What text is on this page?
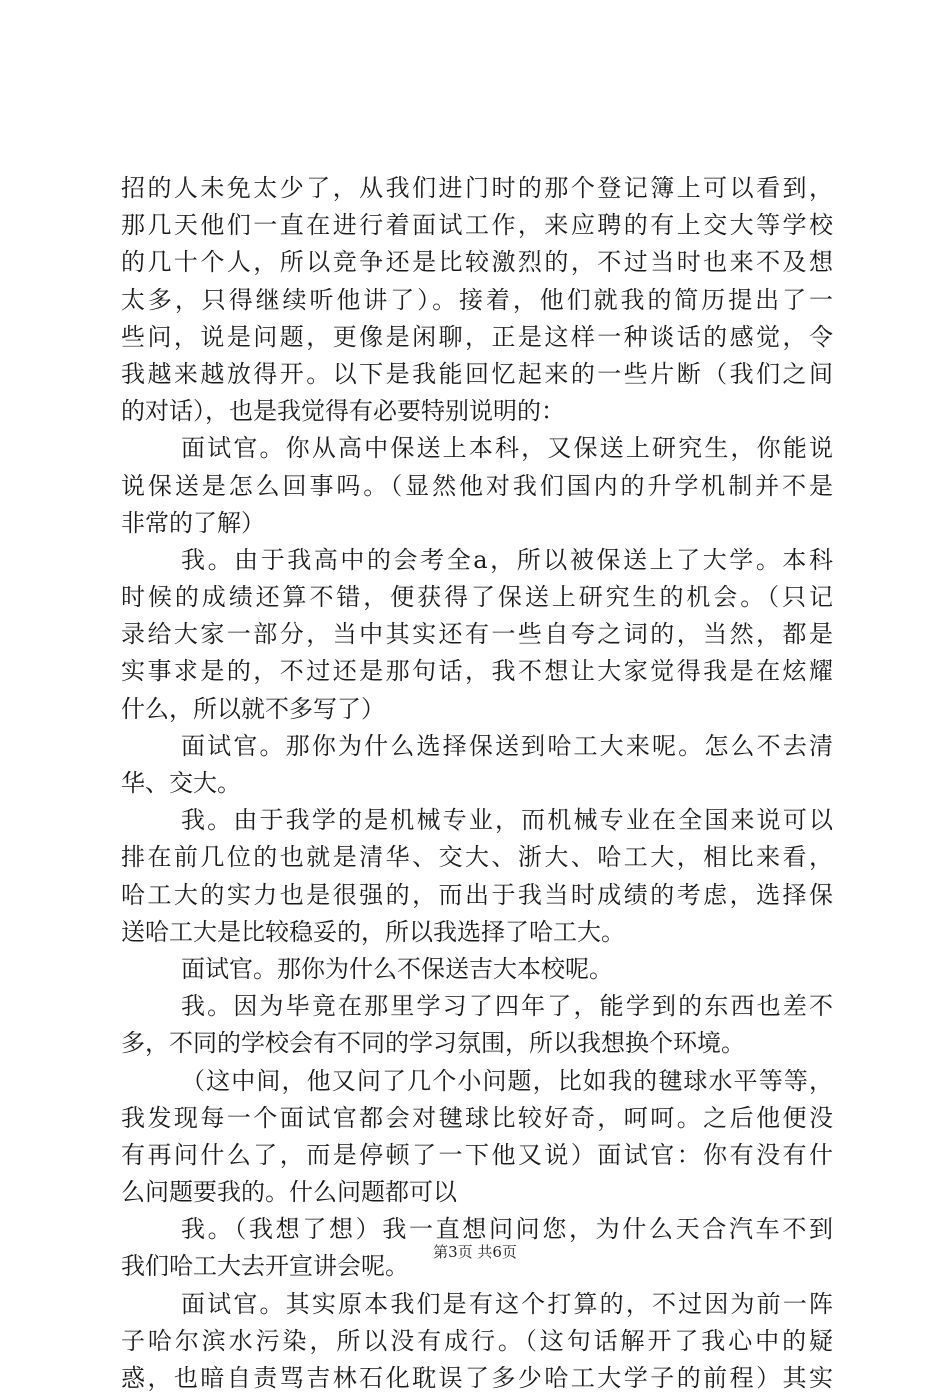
招的人未免太少了，从我们进门时的那个登记簿上可以看到，
那几天他们一直在进行着面试工作，来应聘的有上交大等学校
的几十个人，所以竞争还是比较激烈的，不过当时也来不及想
太多，只得继续听他讲了）。接着，他们就我的简历提出了一
些问，说是问题，更像是闲聊，正是这样一种谈话的感觉，令
我越来越放得开。以下是我能回忆起来的一些片断（我们之间
的对话），也是我觉得有必要特别说明的：
面试官。你从高中保送上本科，又保送上研究生，你能说
说保送是怎么回事吗。（显然他对我们国内的升学机制并不是
非常的了解）
我。由于我高中的会考全a，所以被保送上了大学。本科
时候的成绩还算不错，便获得了保送上研究生的机会。（只记
录给大家一部分，当中其实还有一些自夸之词的，当然，都是
实事求是的，不过还是那句话，我不想让大家觉得我是在炫耀
什么，所以就不多写了）
面试官。那你为什么选择保送到哈工大来呢。怎么不去清
华、交大。
我。由于我学的是机械专业，而机械专业在全国来说可以
排在前几位的也就是清华、交大、浙大、哈工大，相比来看，
哈工大的实力也是很强的，而出于我当时成绩的考虑，选择保
送哈工大是比较稳妥的，所以我选择了哈工大。
面试官。那你为什么不保送吉大本校呢。
我。因为毕竟在那里学习了四年了，能学到的东西也差不
多，不同的学校会有不同的学习氛围，所以我想换个环境。
（这中间，他又问了几个小问题，比如我的毽球水平等等，
我发现每一个面试官都会对毽球比较好奇，呵呵。之后他便没
有再问什么了，而是停顿了一下他又说）面试官：你有没有什
么问题要我的。什么问题都可以
我。（我想了想）我一直想问问您，为什么天合汽车不到
我们哈工大去开宣讲会呢。
面试官。其实原本我们是有这个打算的，不过因为前一阵
子哈尔滨水污染，所以没有成行。（这句话解开了我心中的疑
惑，也暗自责骂吉林石化耽误了多少哈工大学子的前程）其实
第3页 共6页
